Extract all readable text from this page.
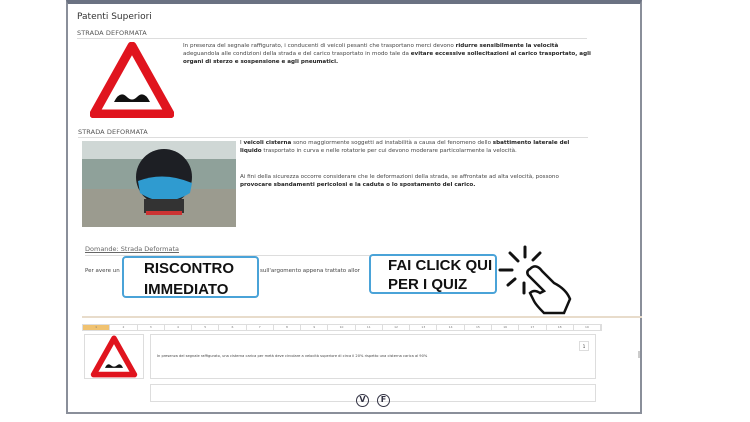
Patenti Superiori
STRADA DEFORMATA
In presenza del segnale raffigurato, i conducenti di veicoli pesanti che trasportano merci devono ridurre sensibilmente la velocità adeguandola alle condizioni della strada e del carico trasportato in modo tale da evitare eccessive sollecitazioni al carico trasportato, agli organi di sterzo e sospensione e agli pneumatici.
STRADA DEFORMATA
I veicoli cisterna sono maggiormente soggetti ad instabilità a causa del fenomeno dello sbattimento laterale del liquido trasportato in curva e nelle rotatorie per cui devono moderare particolarmente la velocità.
Ai fini della sicurezza occorre considerare che le deformazioni della strada, se affrontate ad alta velocità, possono provocare sbandamenti pericolosi e la caduta o lo spostamento del carico.
Domande: Strada Deformata
Per avere un	sull'argomento appena trattato allor
1	2	3	4	5	6	7	8	9	10	11	12	13	14	15	16	17	18	19
In presenza del segnale raffigurato, una cisterna carica per metà deve circolare a velocità superiore di circa il 20% rispetto una cisterna carica al 90%
1
V F
RISCONTRO
IMMEDIATO
FAI CLICK QUI
PER I QUIZ
